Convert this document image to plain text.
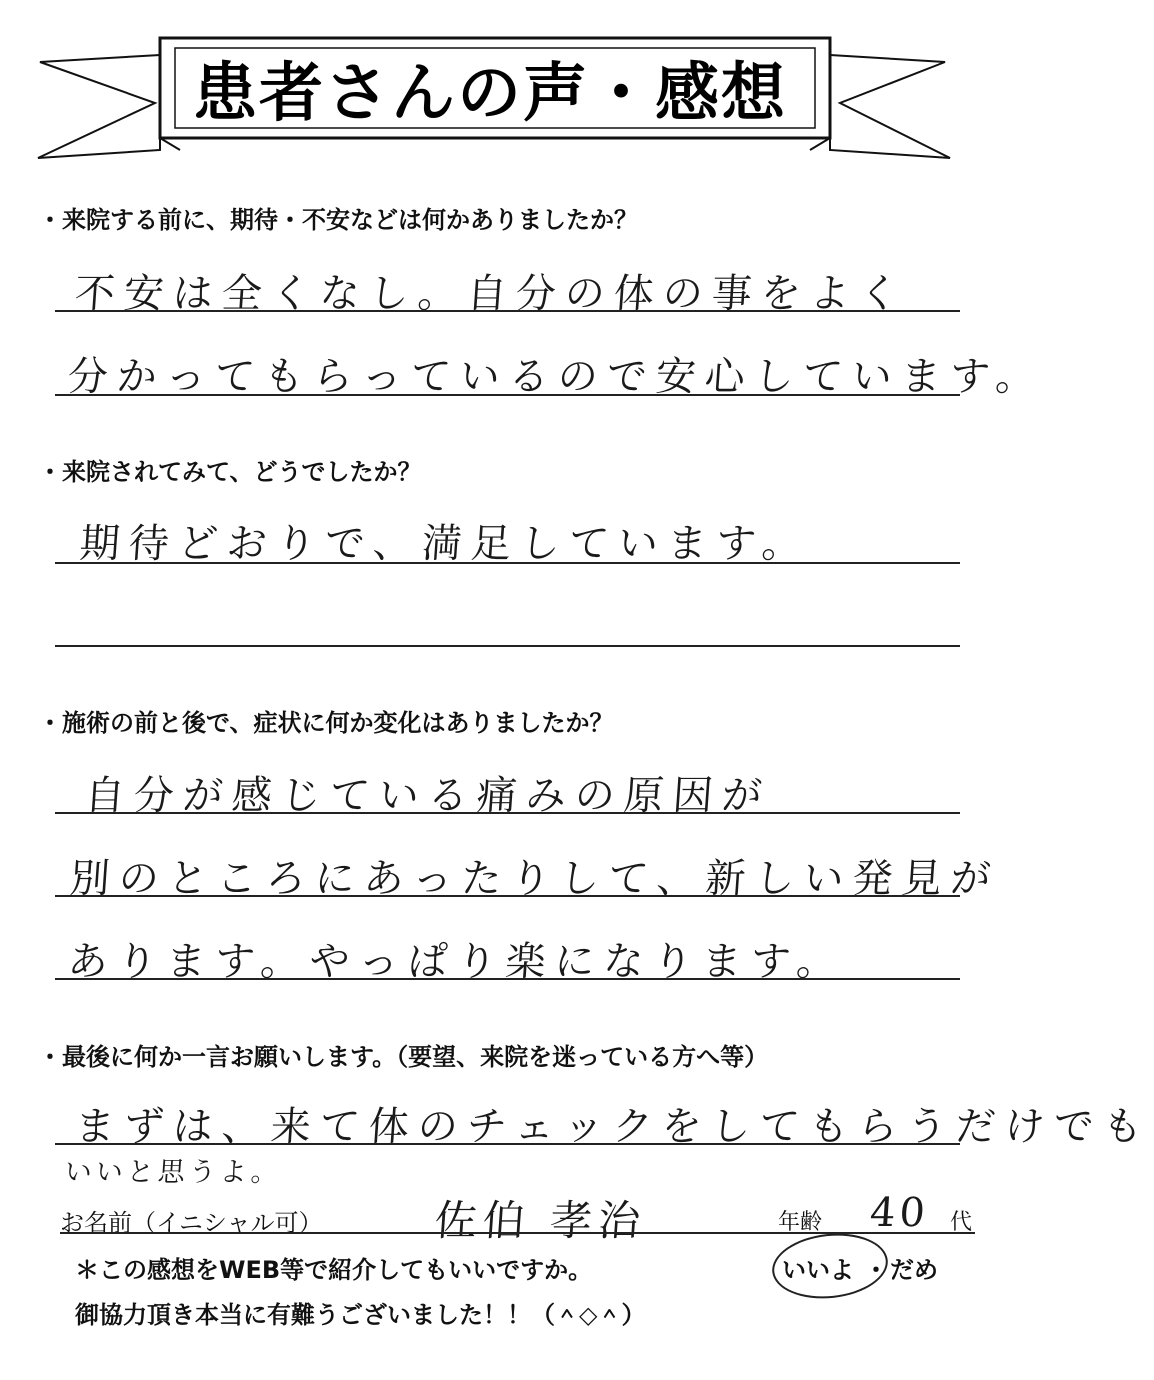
患者さんの声・感想
・来院する前に、期待・不安などは何かありましたか？
不安は全くなし。自分の体の事をよく
分かってもらっているので安心しています。
・来院されてみて、どうでしたか？
期待どおりで、満足しています。
・施術の前と後で、症状に何か変化はありましたか？
自分が感じている痛みの原因が
別のところにあったりして、新しい発見が
あります。やっぱり楽になります。
・最後に何か一言お願いします。（要望、来院を迷っている方へ等）
まずは、来て体のチェックをしてもらうだけでも
いいと思うよ。
お名前（イニシャル可）	佐伯 孝治	年齢 40 代
＊この感想をWEB等で紹介してもいいですか。	いいよ ・ だめ
御協力頂き本当に有難うございました！！（＾◇＾）
